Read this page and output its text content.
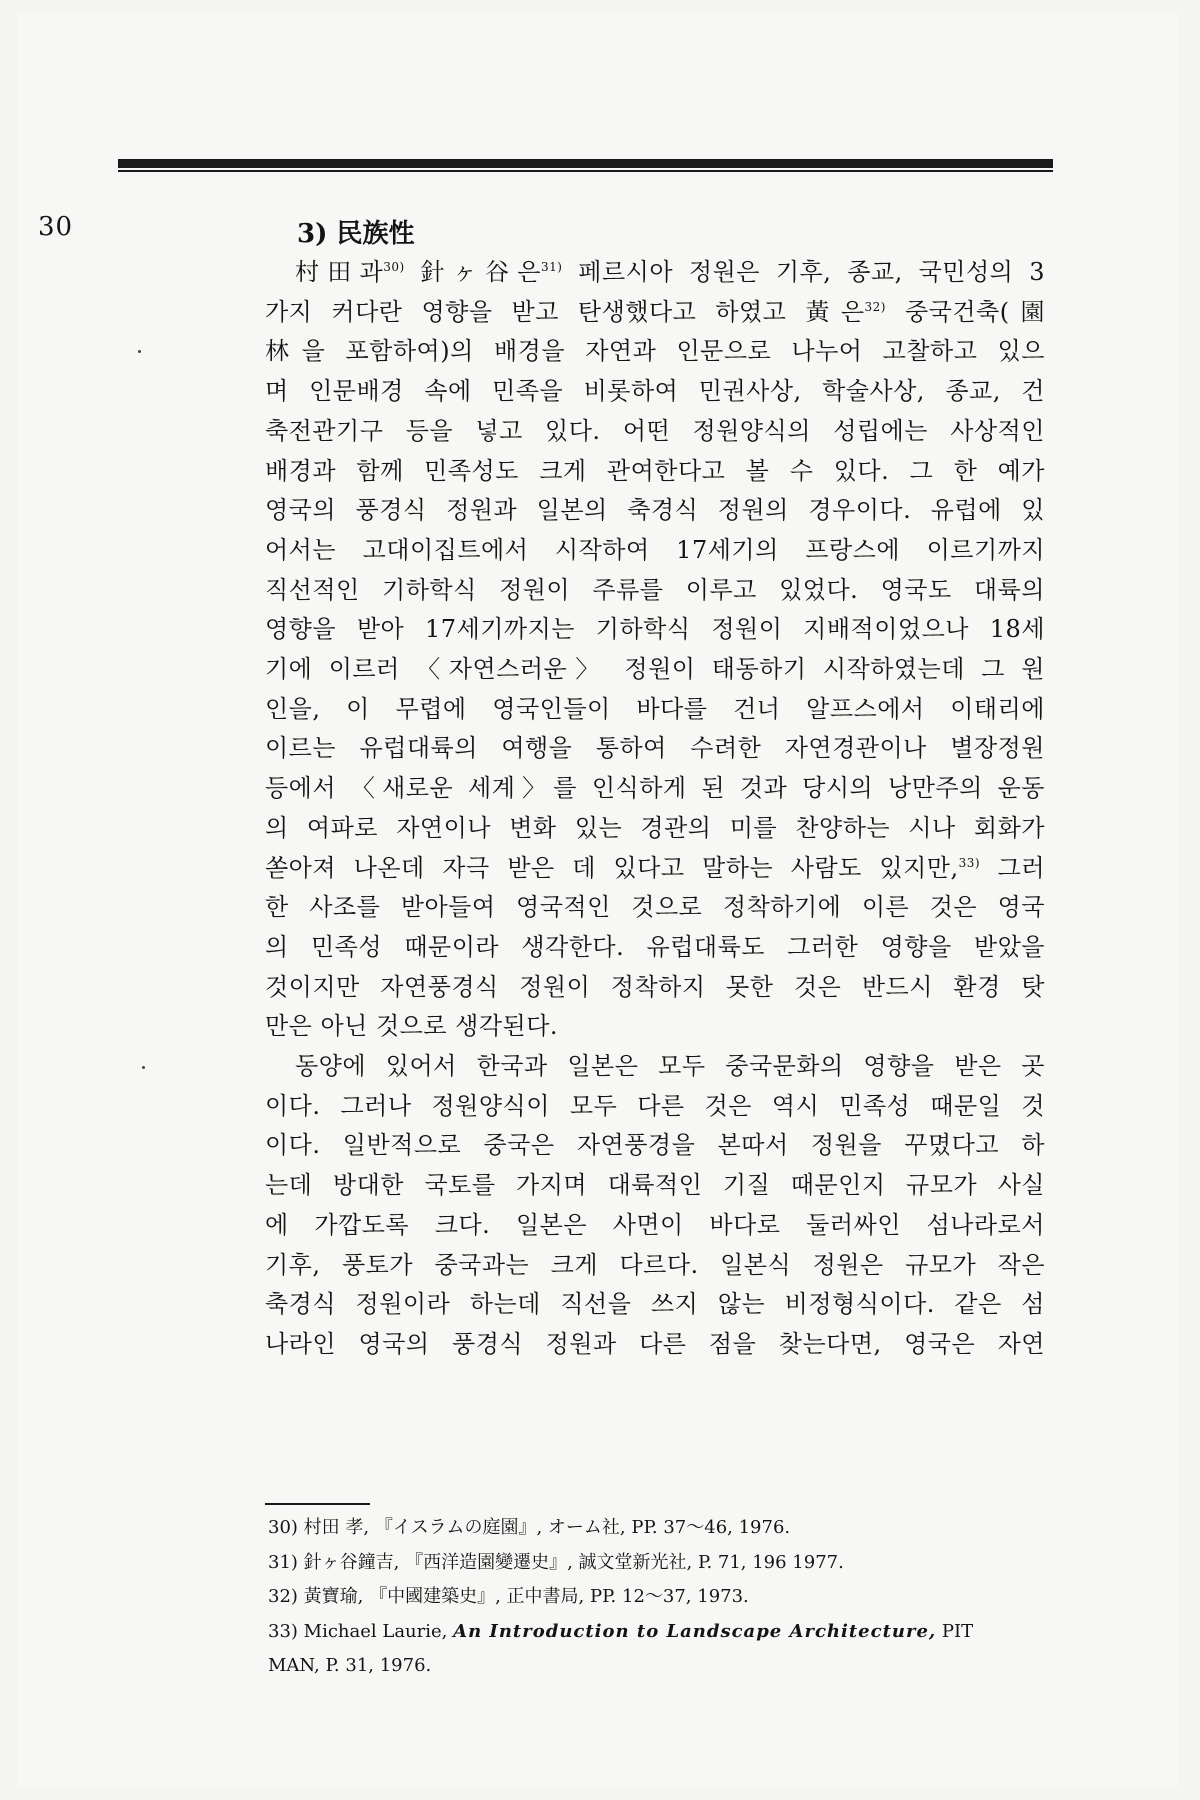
30	3) 民族性
村田과$^{30)}$ 針ヶ谷은$^{31)}$ 페르시아 정원은 기후, 종교, 국민성의 3
가지 커다란 영향을 받고 탄생했다고 하였고 黃은$^{32)}$ 중국건축(園
林을 포함하여)의 배경을 자연과 인문으로 나누어 고찰하고 있으
며 인문배경 속에 민족을 비롯하여 민권사상, 학술사상, 종교, 건
축전관기구 등을 넣고 있다. 어떤 정원양식의 성립에는 사상적인
배경과 함께 민족성도 크게 관여한다고 볼 수 있다. 그 한 예가
영국의 풍경식 정원과 일본의 축경식 정원의 경우이다. 유럽에 있
어서는 고대이집트에서 시작하여 17세기의 프랑스에 이르기까지
직선적인 기하학식 정원이 주류를 이루고 있었다. 영국도 대륙의
영향을 받아 17세기까지는 기하학식 정원이 지배적이었으나 18세
기에 이르러 〈자연스러운〉 정원이 태동하기 시작하였는데 그 원
인을, 이 무렵에 영국인들이 바다를 건너 알프스에서 이태리에
이르는 유럽대륙의 여행을 통하여 수려한 자연경관이나 별장정원
등에서 〈새로운 세계〉를 인식하게 된 것과 당시의 낭만주의 운동
의 여파로 자연이나 변화 있는 경관의 미를 찬양하는 시나 회화가
쏟아져 나온데 자극 받은 데 있다고 말하는 사람도 있지만,$^{33)}$ 그러
한 사조를 받아들여 영국적인 것으로 정착하기에 이른 것은 영국
의 민족성 때문이라 생각한다. 유럽대륙도 그러한 영향을 받았을
것이지만 자연풍경식 정원이 정착하지 못한 것은 반드시 환경 탓
만은 아닌 것으로 생각된다.
동양에 있어서 한국과 일본은 모두 중국문화의 영향을 받은 곳
이다. 그러나 정원양식이 모두 다른 것은 역시 민족성 때문일 것
이다. 일반적으로 중국은 자연풍경을 본따서 정원을 꾸몄다고 하
는데 방대한 국토를 가지며 대륙적인 기질 때문인지 규모가 사실
에 가깝도록 크다. 일본은 사면이 바다로 둘러싸인 섬나라로서
기후, 풍토가 중국과는 크게 다르다. 일본식 정원은 규모가 작은
축경식 정원이라 하는데 직선을 쓰지 않는 비정형식이다. 같은 섬
나라인 영국의 풍경식 정원과 다른 점을 찾는다면, 영국은 자연
30) 村田 孝, 『イスラムの庭園』, オーム社, PP. 37～46, 1976.
31) 針ヶ谷鐘吉, 『西洋造園變遷史』, 誠文堂新光社, P. 71, 196 1977.
32) 黃寶瑜, 『中國建築史』, 正中書局, PP. 12～37, 1973.
33) Michael Laurie, An Introduction to Landscape Architecture, PIT
MAN, P. 31, 1976.
